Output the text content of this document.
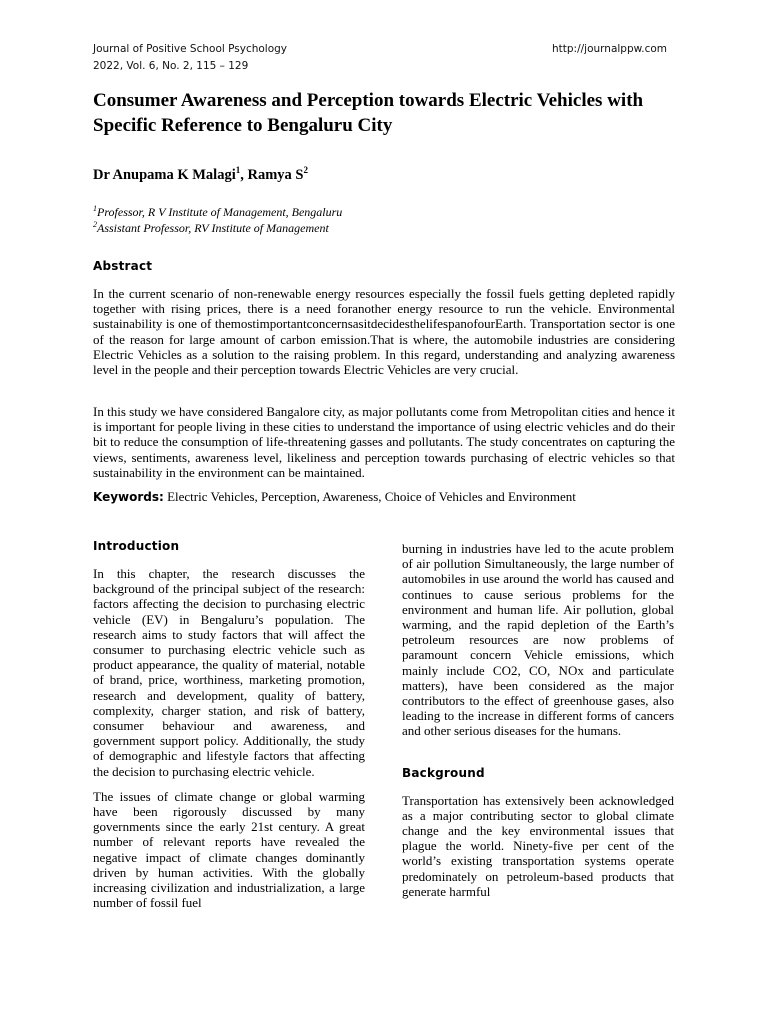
Journal of Positive School Psychology
2022, Vol. 6, No. 2, 115 – 129
http://journalppw.com
Consumer Awareness and Perception towards Electric Vehicles with Specific Reference to Bengaluru City
Dr Anupama K Malagi$^1$, Ramya $S^2$
$^1$Professor, R V Institute of Management, Bengaluru
$^2$Assistant Professor, RV Institute of Management
Abstract

In the current scenario of non-renewable energy resources especially the fossil fuels getting depleted rapidly together with rising prices, there is a need foranother energy resource to run the vehicle. Environmental sustainability is one of themostimportantconcernsasitdecidesthelifespanofourEarth. Transportation sector is one of the reason for large amount of carbon emission.That is where, the automobile industries are considering Electric Vehicles as a solution to the raising problem. In this regard, understanding and analyzing awareness level in the people and their perception towards Electric Vehicles are very crucial.

In this study we have considered Bangalore city, as major pollutants come from Metropolitan cities and hence it is important for people living in these cities to understand the importance of using electric vehicles and do their bit to reduce the consumption of life-threatening gasses and pollutants. The study concentrates on capturing the views, sentiments, awareness level, likeliness and perception towards purchasing of electric vehicles so that sustainability in the environment can be maintained.

Keywords: Electric Vehicles, Perception, Awareness, Choice of Vehicles and Environment
Introduction

In this chapter, the research discusses the background of the principal subject of the research: factors affecting the decision to purchasing electric vehicle (EV) in Bengaluru’s population. The research aims to study factors that will affect the consumer to purchasing electric vehicle such as product appearance, the quality of material, notable of brand, price, worthiness, marketing promotion, research and development, quality of battery, complexity, charger station, and risk of battery, consumer behaviour and awareness, and government support policy. Additionally, the study of demographic and lifestyle factors that affecting the decision to purchasing electric vehicle.

The issues of climate change or global warming have been rigorously discussed by many governments since the early 21st century. A great number of relevant reports have revealed the negative impact of climate changes dominantly driven by human activities. With the globally increasing civilization and industrialization, a large number of fossil fuel

burning in industries have led to the acute problem of air pollution Simultaneously, the large number of automobiles in use around the world has caused and continues to cause serious problems for the environment and human life. Air pollution, global warming, and the rapid depletion of the Earth’s petroleum resources are now problems of paramount concern Vehicle emissions, which mainly include CO2, CO, NOx and particulate matters), have been considered as the major contributors to the effect of greenhouse gases, also leading to the increase in different forms of cancers and other serious diseases for the humans.

Background

Transportation has extensively been acknowledged as a major contributing sector to global climate change and the key environmental issues that plague the world. Ninety-five per cent of the world’s existing transportation systems operate predominately on petroleum-based products that generate harmful
